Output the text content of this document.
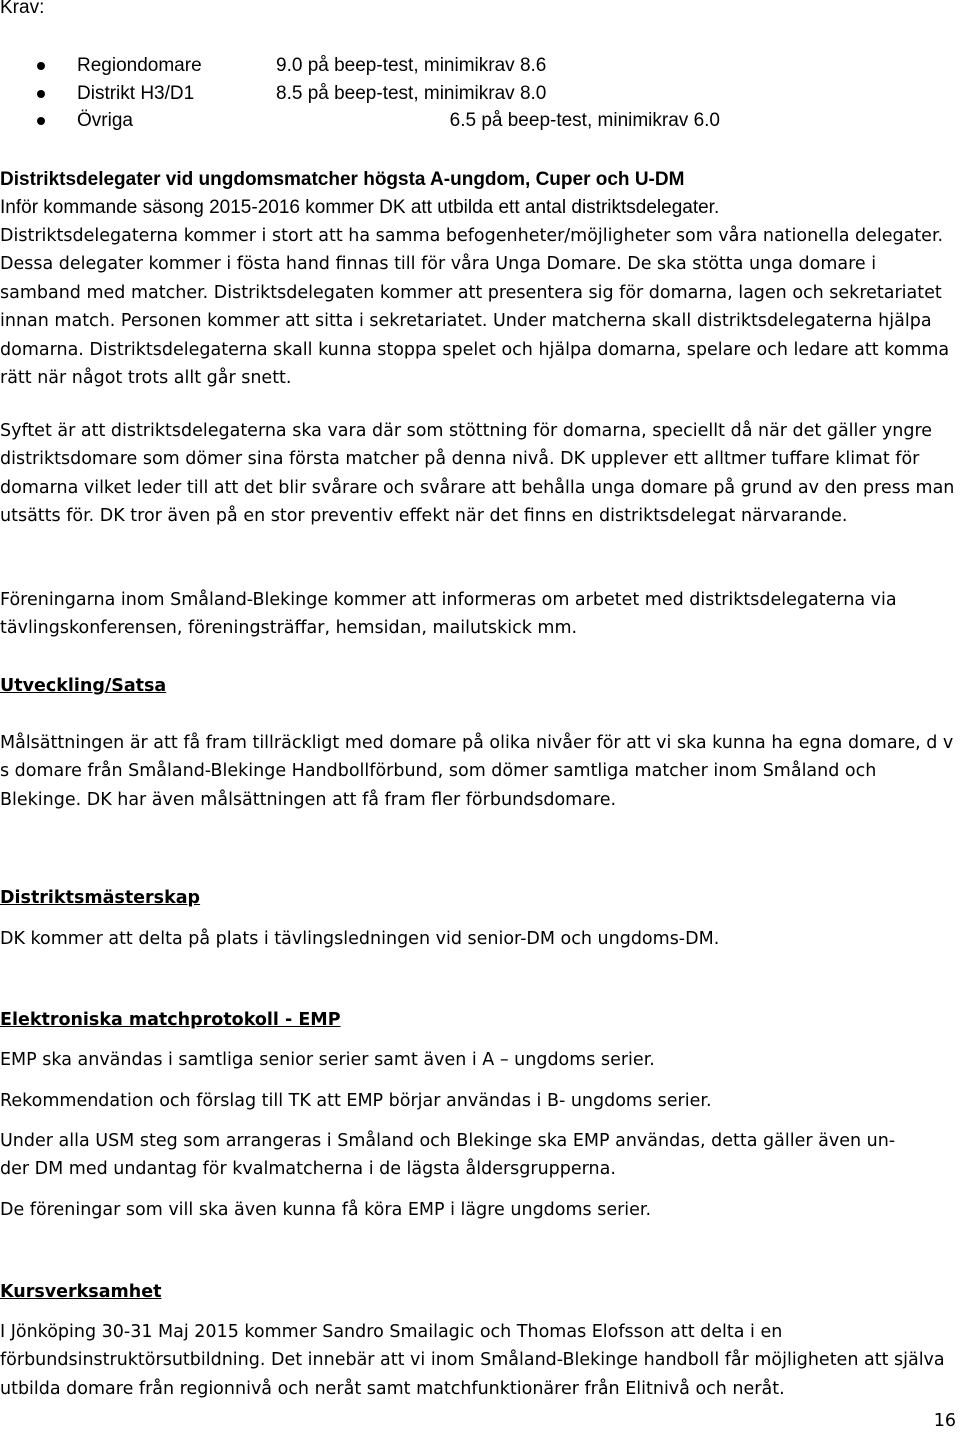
Krav:
Regiondomare	9.0 på beep-test, minimikrav 8.6
Distrikt H3/D1	8.5 på beep-test, minimikrav 8.0
Övriga	6.5 på beep-test, minimikrav 6.0

Distriktsdelegater vid ungdomsmatcher högsta A-ungdom, Cuper och U-DM

Inför kommande säsong 2015-2016 kommer DK att utbilda ett antal distriktsdelegater.

Distriktsdelegaterna kommer i stort att ha samma befogenheter/möjligheter som våra nationella delegater. Dessa delegater kommer i fösta hand finnas till för våra Unga Domare. De ska stötta unga domare i samband med matcher. Distriktsdelegaten kommer att presentera sig för domarna, lagen och sekretariatet innan match. Personen kommer att sitta i sekretariatet. Under matcherna skall distriktsdelegaterna hjälpa domarna. Distriktsdelegaterna skall kunna stoppa spelet och hjälpa domarna, spelare och ledare att komma rätt när något trots allt går snett.

Syftet är att distriktsdelegaterna ska vara där som stöttning för domarna, speciellt då när det gäller yngre distriktsdomare som dömer sina första matcher på denna nivå. DK upplever ett alltmer tuffare klimat för domarna vilket leder till att det blir svårare och svårare att behålla unga domare på grund av den press man utsätts för. DK tror även på en stor preventiv effekt när det finns en distriktsdelegat närvarande.

Föreningarna inom Småland-Blekinge kommer att informeras om arbetet med distriktsdelegaterna via tävlingskonferensen, föreningsträffar, hemsidan, mailutskick mm.

Utveckling/Satsa

Målsättningen är att få fram tillräckligt med domare på olika nivåer för att vi ska kunna ha egna domare, d v s domare från Småland-Blekinge Handbollförbund, som dömer samtliga matcher inom Småland och Blekinge. DK har även målsättningen att få fram fler förbundsdomare.

Distriktsmästerskap

DK kommer att delta på plats i tävlingsledningen vid senior-DM och ungdoms-DM.

Elektroniska matchprotokoll - EMP

EMP ska användas i samtliga senior serier samt även i A – ungdoms serier.

Rekommendation och förslag till TK att EMP börjar användas i B- ungdoms serier.

Under alla USM steg som arrangeras i Småland och Blekinge ska EMP användas, detta gäller även un-

der DM med undantag för kvalmatcherna i de lägsta åldersgrupperna.

De föreningar som vill ska även kunna få köra EMP i lägre ungdoms serier.

Kursverksamhet

I Jönköping 30-31 Maj 2015 kommer Sandro Smailagic och Thomas Elofsson att delta i en förbundsinstruktörsutbildning. Det innebär att vi inom Småland-Blekinge handboll får möjligheten att själva utbilda domare från regionnivå och neråt samt matchfunktionärer från Elitnivå och neråt.

16
